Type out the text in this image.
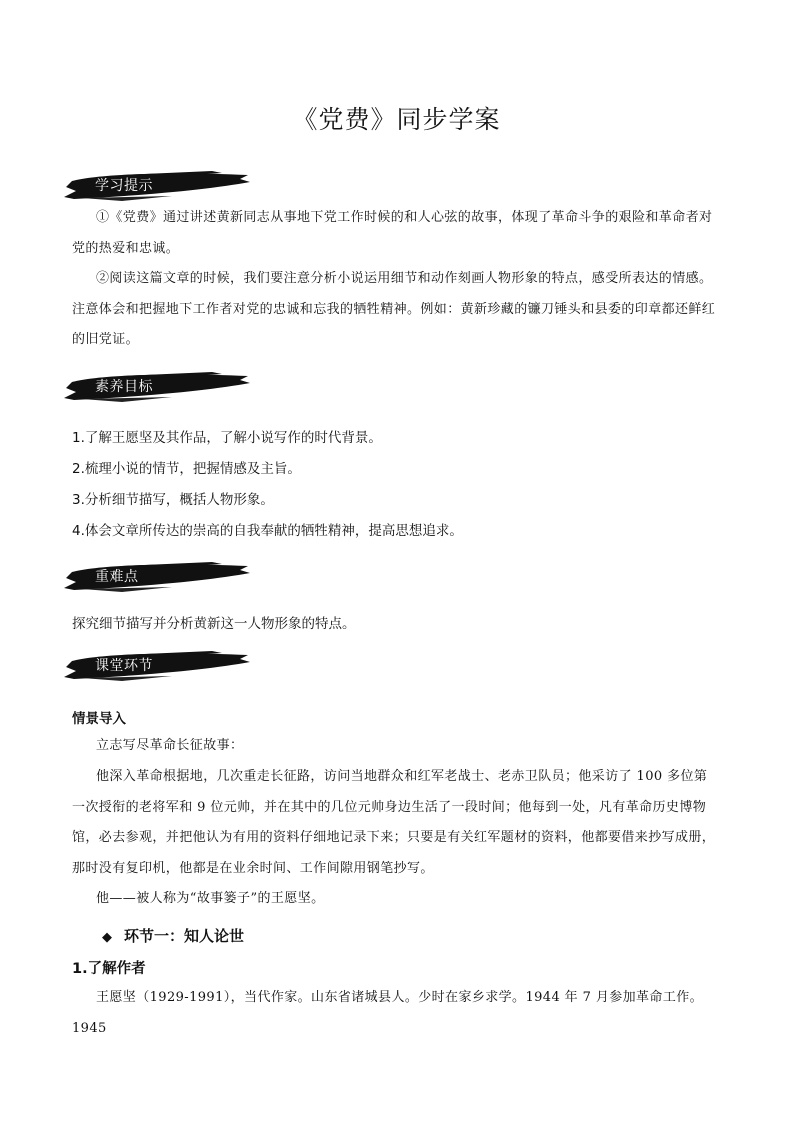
《党费》同步学案
学习提示
①《党费》通过讲述黄新同志从事地下党工作时候的和人心弦的故事，体现了革命斗争的艰险和革命者对党的热爱和忠诚。
②阅读这篇文章的时候，我们要注意分析小说运用细节和动作刻画人物形象的特点，感受所表达的情感。注意体会和把握地下工作者对党的忠诚和忘我的牺牲精神。例如：黄新珍藏的镰刀锤头和县委的印章都还鲜红的旧党证。
素养目标
1.了解王愿坚及其作品，了解小说写作的时代背景。
2.梳理小说的情节，把握情感及主旨。
3.分析细节描写，概括人物形象。
4.体会文章所传达的崇高的自我奉献的牺牲精神，提高思想追求。
重难点
探究细节描写并分析黄新这一人物形象的特点。
课堂环节
情景导入
立志写尽革命长征故事：
他深入革命根据地，几次重走长征路，访问当地群众和红军老战士、老赤卫队员；他采访了 100 多位第一次授衔的老将军和 9 位元帅，并在其中的几位元帅身边生活了一段时间；他每到一处，凡有革命历史博物馆，必去参观，并把他认为有用的资料仔细地记录下来；只要是有关红军题材的资料，他都要借来抄写成册，那时没有复印机，他都是在业余时间、工作间隙用钢笔抄写。
他——被人称为“故事篓子”的王愿坚。
◆ 环节一：知人论世
1.了解作者
王愿坚（1929-1991），当代作家。山东省诸城县人。少时在家乡求学。1944 年 7 月参加革命工作。1945
